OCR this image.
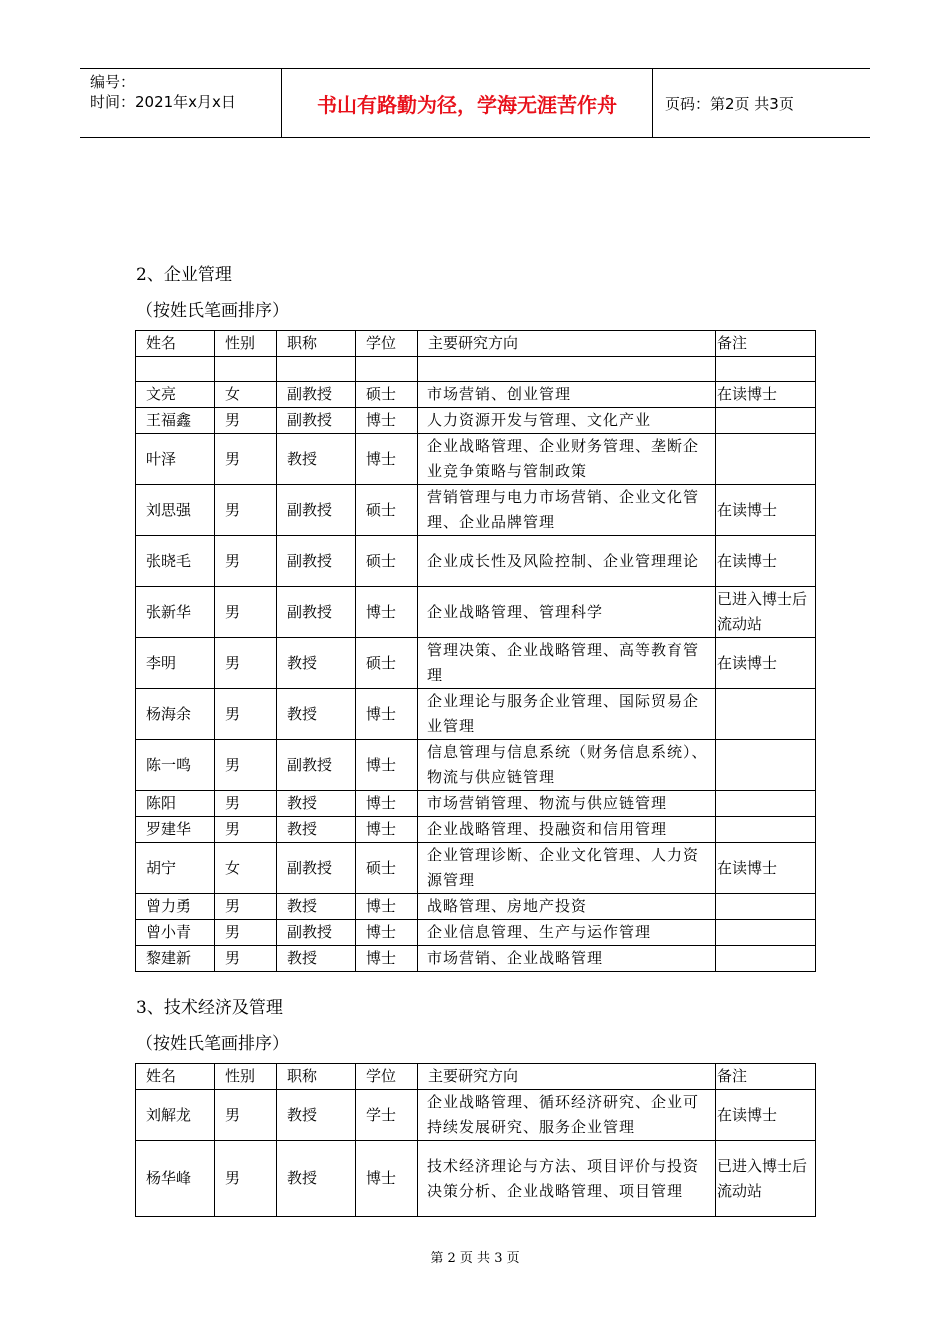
编号：
时间：2021年x月x日	书山有路勤为径，学海无涯苦作舟	页码：第2页 共3页
2、企业管理
（按姓氏笔画排序）
姓名	性别	职称	学位	主要研究方向	备注

文亮	女	副教授	硕士	市场营销、创业管理	在读博士
王福鑫	男	副教授	博士	人力资源开发与管理、文化产业	
叶泽	男	教授	博士	企业战略管理、企业财务管理、垄断企业竞争策略与管制政策	
刘思强	男	副教授	硕士	营销管理与电力市场营销、企业文化管理、企业品牌管理	在读博士
张晓毛	男	副教授	硕士	企业成长性及风险控制、企业管理理论	在读博士
张新华	男	副教授	博士	企业战略管理、管理科学	已进入博士后流动站
李明	男	教授	硕士	管理决策、企业战略管理、高等教育管理	在读博士
杨海余	男	教授	博士	企业理论与服务企业管理、国际贸易企业管理	
陈一鸣	男	副教授	博士	信息管理与信息系统（财务信息系统）、物流与供应链管理	
陈阳	男	教授	博士	市场营销管理、物流与供应链管理	
罗建华	男	教授	博士	企业战略管理、投融资和信用管理	
胡宁	女	副教授	硕士	企业管理诊断、企业文化管理、人力资源管理	在读博士
曾力勇	男	教授	博士	战略管理、房地产投资	
曾小青	男	副教授	博士	企业信息管理、生产与运作管理	
黎建新	男	教授	博士	市场营销、企业战略管理	
3、技术经济及管理
（按姓氏笔画排序）
姓名	性别	职称	学位	主要研究方向	备注
刘解龙	男	教授	学士	企业战略管理、循环经济研究、企业可持续发展研究、服务企业管理	在读博士
杨华峰	男	教授	博士	技术经济理论与方法、项目评价与投资决策分析、企业战略管理、项目管理	已进入博士后流动站
第 2 页 共 3 页
